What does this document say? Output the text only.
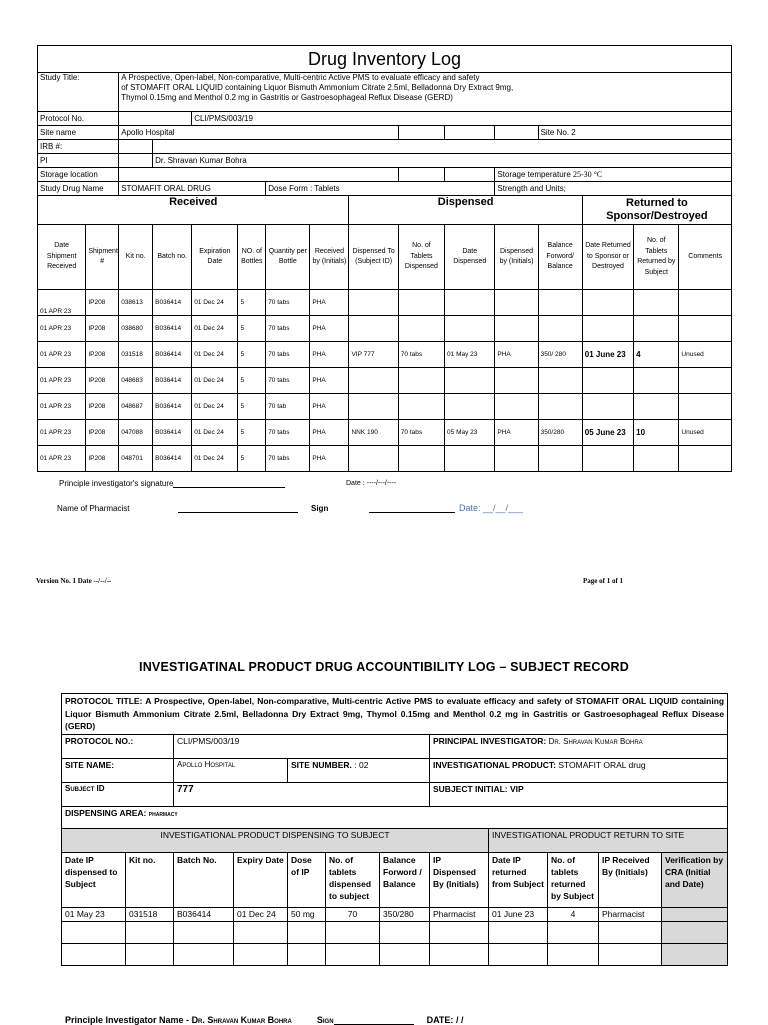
Drug Inventory Log															
Study Title:		A Prospective, Open-label, Non-comparative, Multi-centric Active PMS to evaluate efficacy and safety
of STOMAFIT ORAL LIQUID containing Liquor Bismuth Ammonium Citrate 2.5ml, Belladonna Dry Extract 9mg,
Thymol 0.15mg and Menthol 0.2 mg in Gastritis or Gastroesophageal Reflux Disease (GERD)													

Protocol No.				CLI/PMS/003/19											
Site name		Apollo Hospital										Site No. 2			
IRB #:															
PI			Dr. Shravan Kumar Bohra												
Storage location											Storage temperature 25-30 °C				
Study Drug Name		STOMAFIT ORAL DRUG				Dose Form : Tablets					Strength and Units;				
Received								Dispensed					Returned to Sponsor/Destroyed		
Date Shipment Received	Shipment #	Kit no.	Batch no.	Expiration Date	NO. of Bottles	Quantity per Bottle	Received by (Initials)	Dispensed To (Subject ID)	No. of Tablets Dispensed	Date Dispensed	Dispensed by (Initials)	Balance Forword/ Balance	Date Returned to Sponsor or Destroyed	No. of Tablets Returned by Subject	Comments
01 APR 23	IP208	038613	B036414	01 Dec 24	5	70 tabs	PHA								
01 APR 23	IP208	038680	B036414	01 Dec 24	5	70 tabs	PHA								
01 APR 23	IP208	031518	B036414	01 Dec 24	5	70 tabs	PHA	VIP 777	70 tabs	01 May 23	PHA	350/ 280	01 June 23	4	Unused
01 APR 23	IP208	048683	B036414	01 Dec 24	5	70 tabs	PHA								
01 APR 23	IP208	048687	B036414	01 Dec 24	5	70 tab	PHA								
01 APR 23	IP208	047088	B036414	01 Dec 24	5	70 tabs	PHA	NNK 190	70 tabs	05 May 23	PHA	350/280	05 June 23	10	Unused
01 APR 23	IP208	048701	B036414	01 Dec 24	5	70 tabs	PHA								
Principle investigator's signature	Date : ----/---/----
Name of Pharmacist	Sign	Date: __/__/___
Version No. 1 Date --/--/--	Page of 1 of 1
INVESTIGATINAL PRODUCT DRUG ACCOUNTIBILITY LOG – SUBJECT RECORD
PROTOCOL TITLE: A Prospective, Open-label, Non-comparative, Multi-centric Active PMS to evaluate efficacy and safety of STOMAFIT ORAL LIQUID containing Liquor Bismuth Ammonium Citrate 2.5ml, Belladonna Dry Extract 9mg, Thymol 0.15mg and Menthol 0.2 mg in Gastritis or Gastroesophageal Reflux Disease (GERD)											
PROTOCOL NO.:		CLI/PMS/003/19					PRINCIPAL INVESTIGATOR: Dr. Shravan Kumar Bohra				
SITE NAME:		Apollo Hospital		SITE NUMBER. : 02			INVESTIGATIONAL PRODUCT: STOMAFIT ORAL drug				
Subject ID		777					SUBJECT INITIAL: VIP				
DISPENSING AREA: pharmacy											
INVESTIGATIONAL PRODUCT DISPENSING TO SUBJECT								INVESTIGATIONAL PRODUCT RETURN TO SITE			
Date IP dispensed to Subject	Kit no.	Batch No.	Expiry Date	Dose of IP	No. of tablets dispensed to subject	Balance Forword / Balance	IP Dispensed By (Initials)	Date IP returned from Subject	No. of tablets returned by Subject	IP Received By (Initials)	Verification by CRA (Initial and Date)
01 May 23	031518	B036414	01 Dec 24	50 mg	70	350/280	Pharmacist	01 June 23	4	Pharmacist	

Principle Investigator Name - Dr. Shravan Kumar Bohra	Sign	DATE: / /
